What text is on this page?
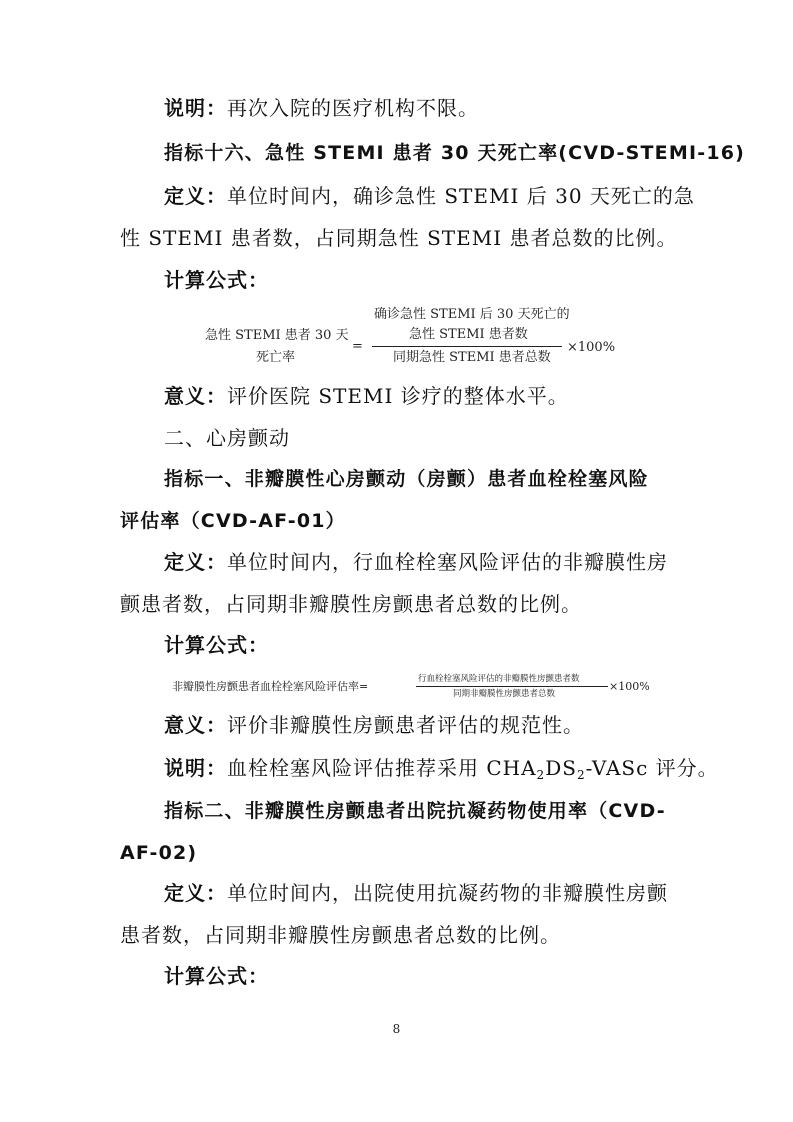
说明：再次入院的医疗机构不限。
指标十六、急性 STEMI 患者 30 天死亡率(CVD-STEMI-16)
定义：单位时间内，确诊急性 STEMI 后 30 天死亡的急
性 STEMI 患者数，占同期急性 STEMI 患者总数的比例。
计算公式：
急性 STEMI 患者 30 天
死亡率
=
确诊急性 STEMI 后 30 天死亡的
急性 STEMI 患者数
同期急性 STEMI 患者总数
×100%
意义：评价医院 STEMI 诊疗的整体水平。
二、心房颤动
指标一、非瓣膜性心房颤动（房颤）患者血栓栓塞风险
评估率（CVD-AF-01）
定义：单位时间内，行血栓栓塞风险评估的非瓣膜性房
颤患者数，占同期非瓣膜性房颤患者总数的比例。
计算公式：
非瓣膜性房颤患者血栓栓塞风险评估率=
行血栓栓塞风险评估的非瓣膜性房颤患者数
同期非瓣膜性房颤患者总数
×100%
意义：评价非瓣膜性房颤患者评估的规范性。
说明：血栓栓塞风险评估推荐采用 $CHA_2DS_2$-VASc 评分。
指标二、非瓣膜性房颤患者出院抗凝药物使用率（CVD-
AF-02)
定义：单位时间内，出院使用抗凝药物的非瓣膜性房颤
患者数，占同期非瓣膜性房颤患者总数的比例。
计算公式：
8
